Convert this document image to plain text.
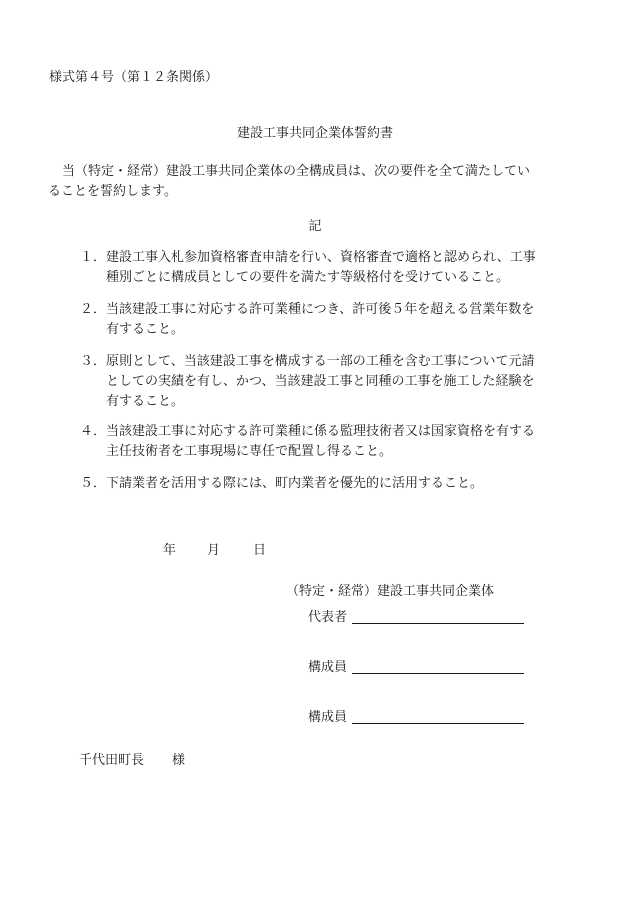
様式第４号（第１２条関係）
建設工事共同企業体誓約書
当（特定・経常）建設工事共同企業体の全構成員は、次の要件を全て満たしてい
ることを誓約します。
記
１． 建設工事入札参加資格審査申請を行い、資格審査で適格と認められ、工事
種別ごとに構成員としての要件を満たす等級格付を受けていること。
２． 当該建設工事に対応する許可業種につき、許可後５年を超える営業年数を
有すること。
３． 原則として、当該建設工事を構成する一部の工種を含む工事について元請
としての実績を有し、かつ、当該建設工事と同種の工事を施工した経験を
有すること。
４． 当該建設工事に対応する許可業種に係る監理技術者又は国家資格を有する
主任技術者を工事現場に専任で配置し得ること。
５． 下請業者を活用する際には、町内業者を優先的に活用すること。
年 月	日
（特定・経常）建設工事共同企業体
代表者
構成員
構成員
千代田町長 様
